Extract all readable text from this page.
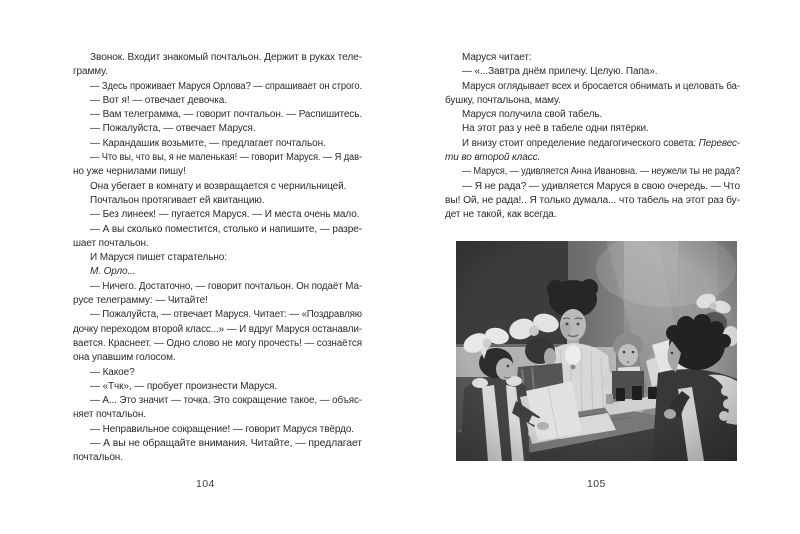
Звонок. Входит знакомый почтальон. Держит в руках теле-
грамму.
— Здесь проживает Маруся Орлова? — спрашивает он строго.
— Вот я! — отвечает девочка.
— Вам телеграмма, — говорит почтальон. — Распишитесь.
— Пожалуйста, — отвечает Маруся.
— Карандашик возьмите, — предлагает почтальон.
— Что вы, что вы, я не маленькая! — говорит Маруся. — Я дав-
но уже чернилами пишу!
Она убегает в комнату и возвращается с чернильницей.
Почтальон протягивает ей квитанцию.
— Без линеек! — пугается Маруся. — И места очень мало.
— А вы сколько поместится, столько и напишите, — разре-
шает почтальон.
И Маруся пишет старательно:
М. Орло...
— Ничего. Достаточно, — говорит почтальон. Он подаёт Ма-
русе телеграмму: — Читайте!
— Пожалуйста, — отвечает Маруся. Читает: — «Поздравляю
дочку переходом второй класс...» — И вдруг Маруся останавли-
вается. Краснеет. — Одно слово не могу прочесть! — сознаётся
она упавшим голосом.
— Какое?
— «Тчк», — пробует произнести Маруся.
— А... Это значит — точка. Это сокращение такое, — объяс-
няет почтальон.
— Неправильное сокращение! — говорит Маруся твёрдо.
— А вы не обращайте внимания. Читайте, — предлагает
почтальон.
104
Маруся читает:
— «...Завтра днём прилечу. Целую. Папа».
Маруся оглядывает всех и бросается обнимать и целовать ба-
бушку, почтальона, маму.
Маруся получила свой табель.
На этот раз у неё в табеле одни пятёрки.
И внизу стоит определение педагогического совета: Перевес-
ти во второй класс.
— Маруся, — удивляется Анна Ивановна. — неужели ты не рада?
— Я не рада? — удивляется Маруся в свою очередь. — Что
вы! Ой, не рада!.. Я только думала... что табель на этот раз бу-
дет не такой, как всегда.
105
